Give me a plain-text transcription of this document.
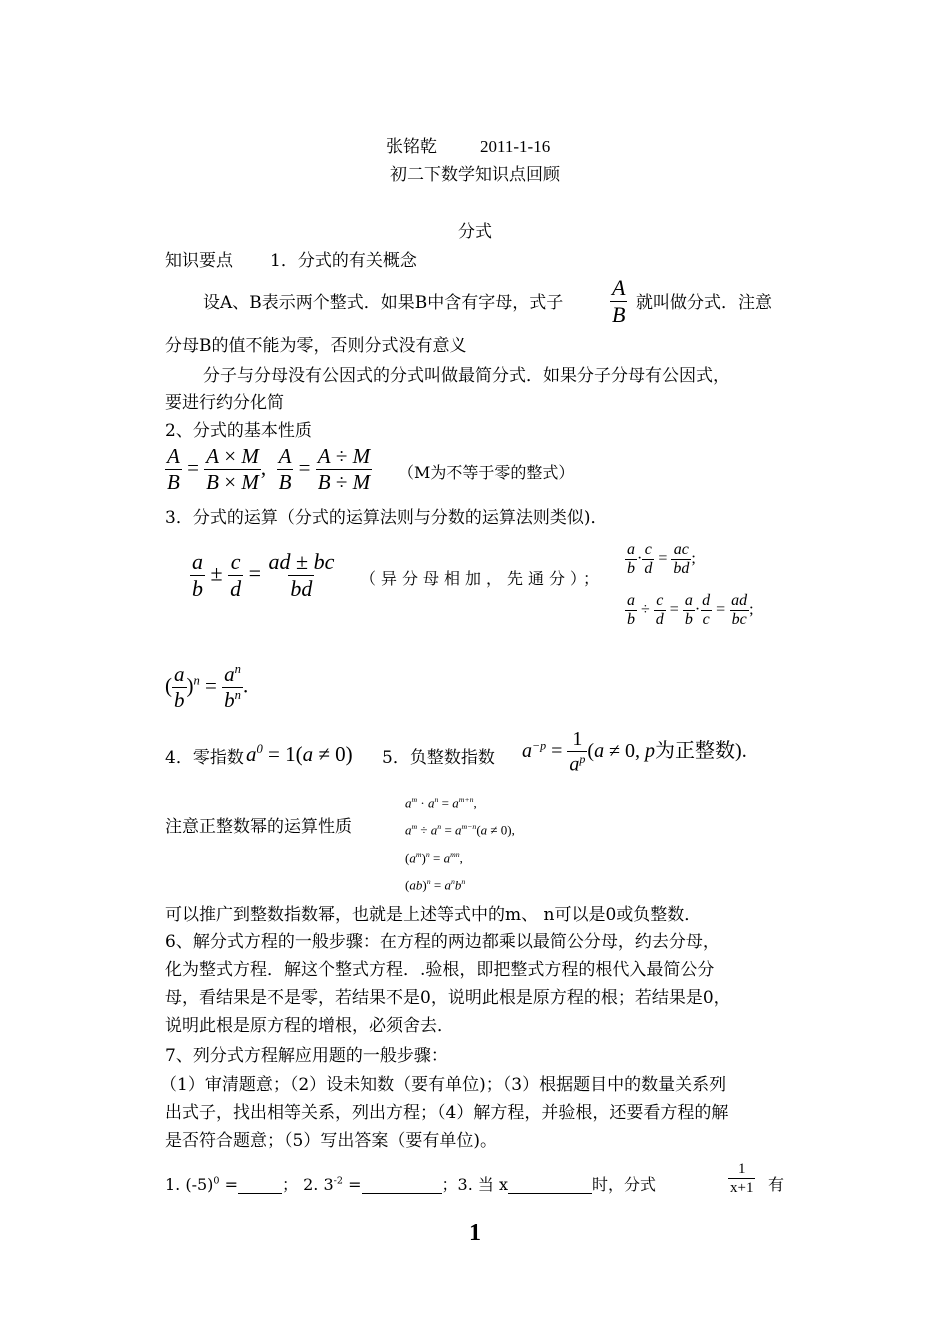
张铭乾	2011-1-16
初二下数学知识点回顾
分式
知识要点 1．分式的有关概念
设A、B表示两个整式．如果B中含有字母，式子 $\frac{A}{B}$ 就叫做分式．注意
分母B的值不能为零，否则分式没有意义
分子与分母没有公因式的分式叫做最简分式．如果分子分母有公因式，
要进行约分化简
2、分式的基本性质
$\frac{A}{B} = \frac{A \times M}{B \times M}$ , $\frac{A}{B} = \frac{A \div M}{B \div M} (M$为不等于零的整式）
3．分式的运算（分式的运算法则与分数的运算法则类似)．
$\frac{a}{b} \pm \frac{c}{d} = \frac{ad \pm bc}{bd}$ （异分母相加，先通分）；
$\frac{a}{b} \cdot \frac{c}{d} = \frac{ac}{bd}$ ;
$\frac{a}{b} \div \frac{c}{d} = \frac{a}{b} \cdot \frac{d}{c} = \frac{ad}{bc}$ ;
( $\frac{a}{b} )^n = \frac{a^n}{b^n}$ .
4．零指数 $a^0 = 1(a \ne 0)$ 5．负整数指数 $a^{-p} = \frac{1}{a^p} (a \ne 0$, p为正整数).
注意正整数幂的运算性质
$a^m \cdot a^n = a^{m+n}$,
$a^m \div a^n = a^{m-n}(a \ne 0)$,
$(a^m)^n = a^{mn}$,
$(ab)^n = a^nb^n$
可以推广到整数指数幂，也就是上述等式中的m、 n可以是0或负整数．
6、解分式方程的一般步骤：在方程的两边都乘以最简公分母，约去分母，
化为整式方程．解这个整式方程．.验根，即把整式方程的根代入最简公分
母，看结果是不是零，若结果不是0，说明此根是原方程的根；若结果是0，
说明此根是原方程的增根，必须舍去．
7、列分式方程解应用题的一般步骤：
（1）审清题意；（2）设未知数（要有单位)；（3）根据题目中的数量关系列
出式子，找出相等关系，列出方程；（4）解方程，并验根，还要看方程的解
是否符合题意；（5）写出答案（要有单位)。
1. $(-5)^0$ =	； 2. $3^{-2}$ =	；3. 当 x	时，分式	$\frac{1}{x+1}$ 有
1
